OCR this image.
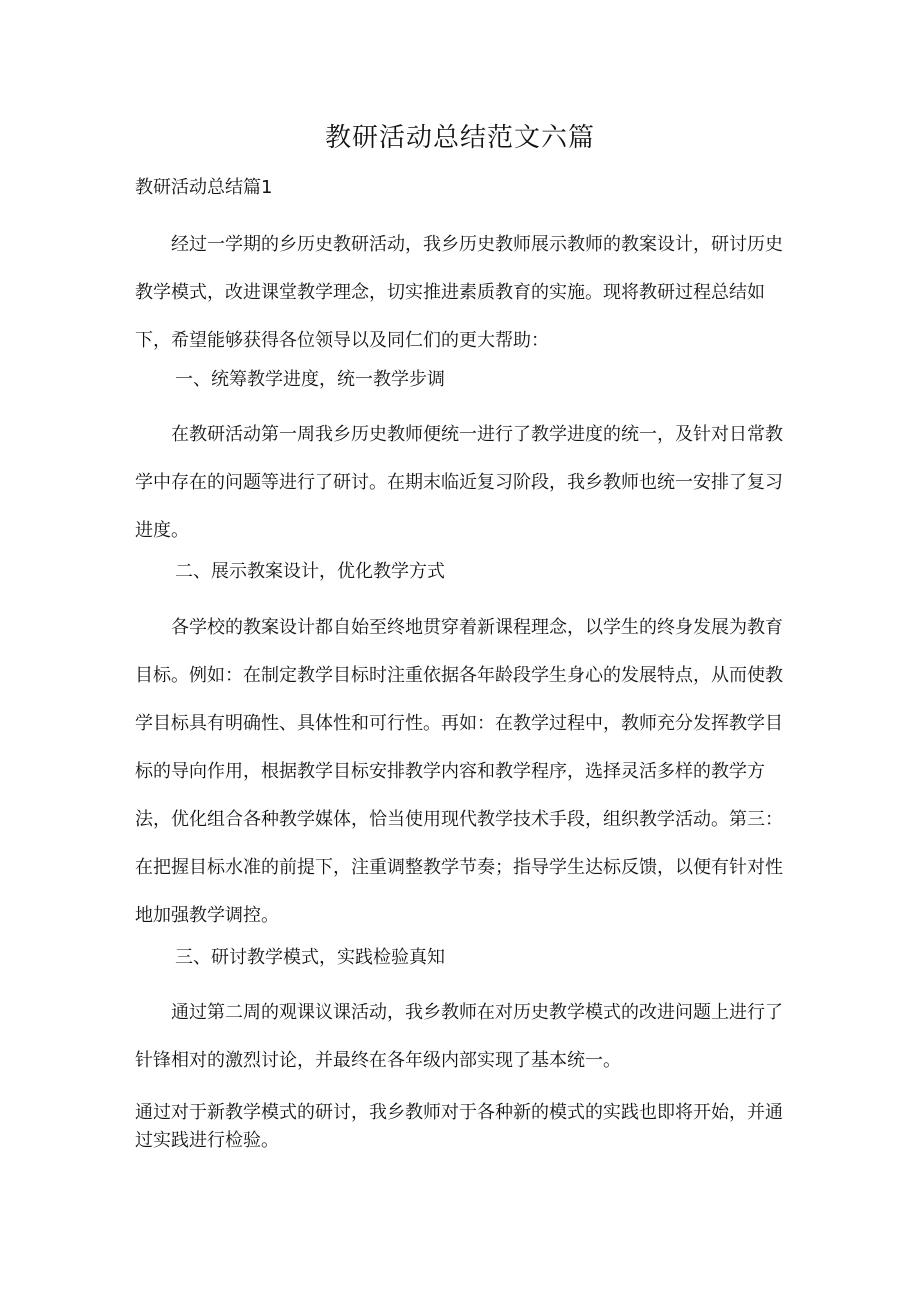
教研活动总结范文六篇
教研活动总结篇1

经过一学期的乡历史教研活动，我乡历史教师展示教师的教案设计，研讨历史教学模式，改进课堂教学理念，切实推进素质教育的实施。现将教研过程总结如下，希望能够获得各位领导以及同仁们的更大帮助：

一、统筹教学进度，统一教学步调

在教研活动第一周我乡历史教师便统一进行了教学进度的统一，及针对日常教学中存在的问题等进行了研讨。在期末临近复习阶段，我乡教师也统一安排了复习进度。

二、展示教案设计，优化教学方式

各学校的教案设计都自始至终地贯穿着新课程理念，以学生的终身发展为教育目标。例如：在制定教学目标时注重依据各年龄段学生身心的发展特点，从而使教学目标具有明确性、具体性和可行性。再如：在教学过程中，教师充分发挥教学目标的导向作用，根据教学目标安排教学内容和教学程序，选择灵活多样的教学方法，优化组合各种教学媒体，恰当使用现代教学技术手段，组织教学活动。第三：在把握目标水准的前提下，注重调整教学节奏；指导学生达标反馈，以便有针对性地加强教学调控。

三、研讨教学模式，实践检验真知

通过第二周的观课议课活动，我乡教师在对历史教学模式的改进问题上进行了针锋相对的激烈讨论，并最终在各年级内部实现了基本统一。

通过对于新教学模式的研讨，我乡教师对于各种新的模式的实践也即将开始，并通过实践进行检验。
